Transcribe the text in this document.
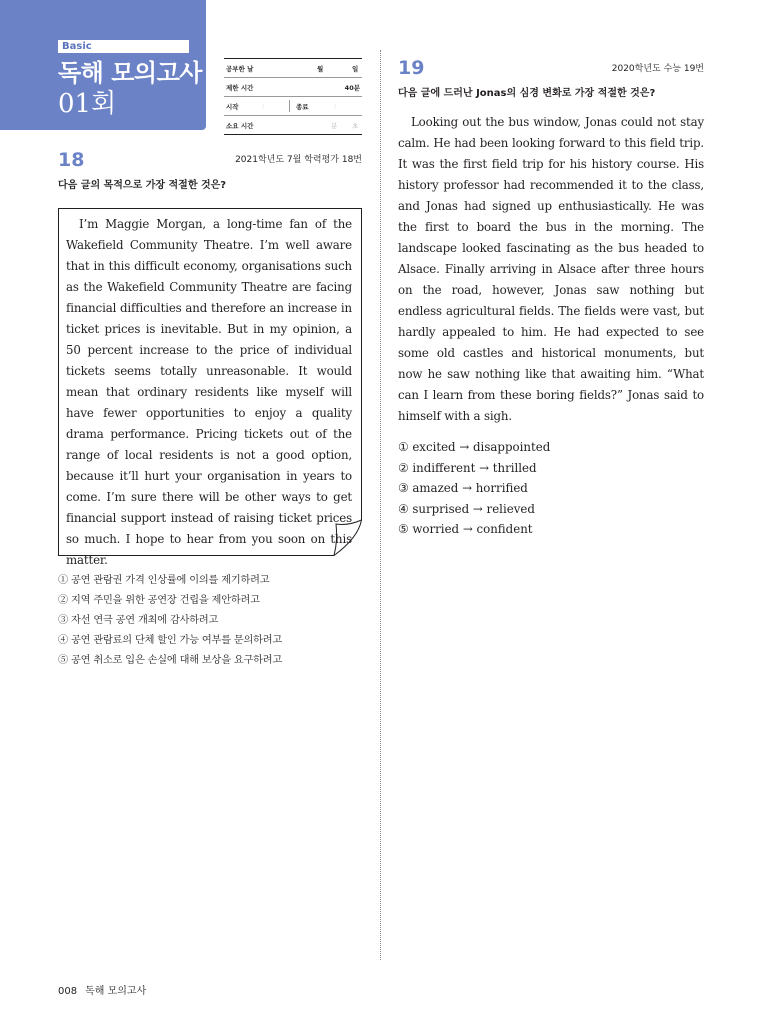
Basic
독해 모의고사
01회
공부한 날	월	일
제한 시간	40분
시작	:	종료	:
소요 시간	분 초
18	2021학년도 7월 학력평가 18번
다음 글의 목적으로 가장 적절한 것은?

I’m Maggie Morgan, a long-time fan of the Wakefield Community Theatre. I’m well aware that in this difficult economy, organisations such as the Wakefield Community Theatre are facing financial difficulties and therefore an increase in ticket prices is inevitable. But in my opinion, a 50 percent increase to the price of individual tickets seems totally unreasonable. It would mean that ordinary residents like myself will have fewer opportunities to enjoy a quality drama performance. Pricing tickets out of the range of local residents is not a good option, because it’ll hurt your organisation in years to come. I’m sure there will be other ways to get financial support instead of raising ticket prices so much. I hope to hear from you soon on this matter.

① 공연 관람권 가격 인상률에 이의를 제기하려고
② 지역 주민을 위한 공연장 건립을 제안하려고
③ 자선 연극 공연 개최에 감사하려고
④ 공연 관람료의 단체 할인 가능 여부를 문의하려고
⑤ 공연 취소로 입은 손실에 대해 보상을 요구하려고
19	2020학년도 수능 19번
다음 글에 드러난 Jonas의 심경 변화로 가장 적절한 것은?

Looking out the bus window, Jonas could not stay calm. He had been looking forward to this field trip. It was the first field trip for his history course. His history professor had recommended it to the class, and Jonas had signed up enthusiastically. He was the first to board the bus in the morning. The landscape looked fascinating as the bus headed to Alsace. Finally arriving in Alsace after three hours on the road, however, Jonas saw nothing but endless agricultural fields. The fields were vast, but hardly appealed to him. He had expected to see some old castles and historical monuments, but now he saw nothing like that awaiting him. “What can I learn from these boring fields?” Jonas said to himself with a sigh.

① excited → disappointed
② indifferent → thrilled
③ amazed → horrified
④ surprised → relieved
⑤ worried → confident
008 독해 모의고사
